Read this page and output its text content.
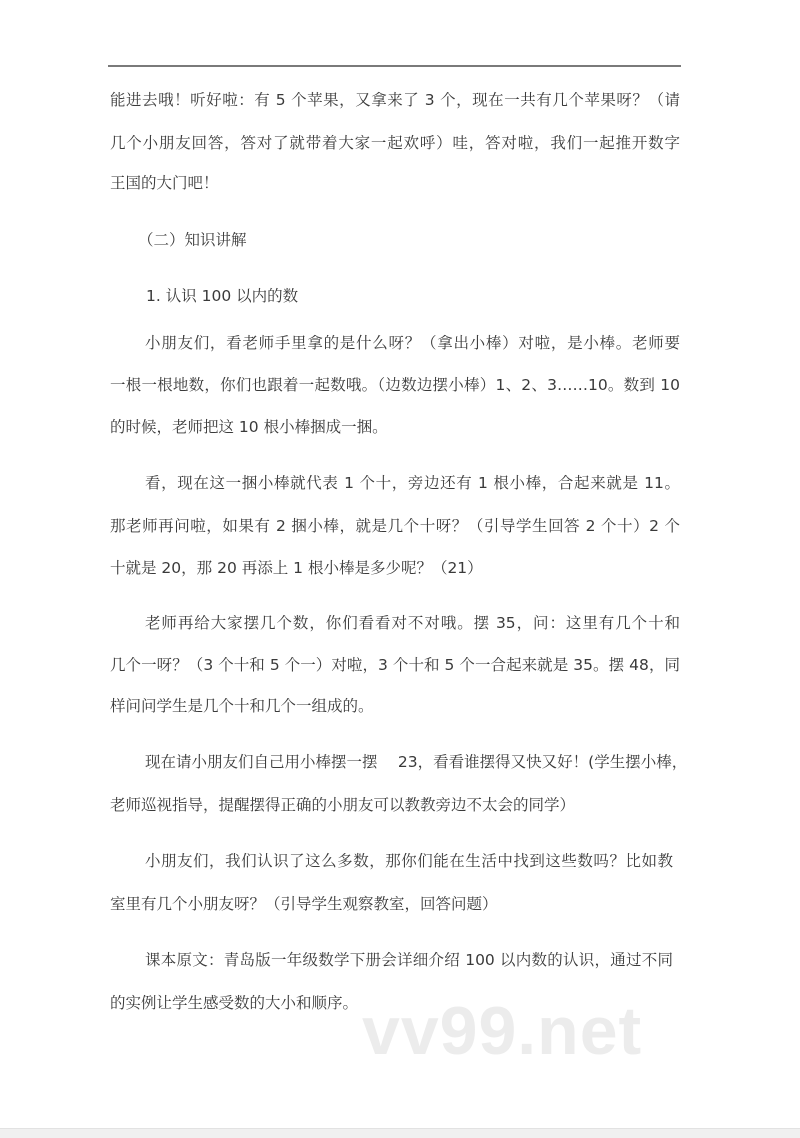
能进去哦！听好啦：有 5 个苹果，又拿来了 3 个，现在一共有几个苹果呀？（请
几个小朋友回答，答对了就带着大家一起欢呼）哇，答对啦，我们一起推开数字
王国的大门吧！
（二）知识讲解
1. 认识 100 以内的数
小朋友们，看老师手里拿的是什么呀？（拿出小棒）对啦，是小棒。老师要
一根一根地数，你们也跟着一起数哦。（边数边摆小棒）1、2、3……10。数到 10
的时候，老师把这 10 根小棒捆成一捆。
看，现在这一捆小棒就代表 1 个十，旁边还有 1 根小棒，合起来就是 11。
那老师再问啦，如果有 2 捆小棒，就是几个十呀？（引导学生回答 2 个十）2 个
十就是 20，那 20 再添上 1 根小棒是多少呢？（21）
老师再给大家摆几个数，你们看看对不对哦。摆 35，问：这里有几个十和
几个一呀？（3 个十和 5 个一）对啦，3 个十和 5 个一合起来就是 35。摆 48，同
样问问学生是几个十和几个一组成的。
现在请小朋友们自己用小棒摆一摆　 23，看看谁摆得又快又好！(学生摆小棒，
老师巡视指导，提醒摆得正确的小朋友可以教教旁边不太会的同学）
小朋友们，我们认识了这么多数，那你们能在生活中找到这些数吗？比如教
室里有几个小朋友呀？（引导学生观察教室，回答问题）
课本原文：青岛版一年级数学下册会详细介绍 100 以内数的认识，通过不同
的实例让学生感受数的大小和顺序。 vv99.net
